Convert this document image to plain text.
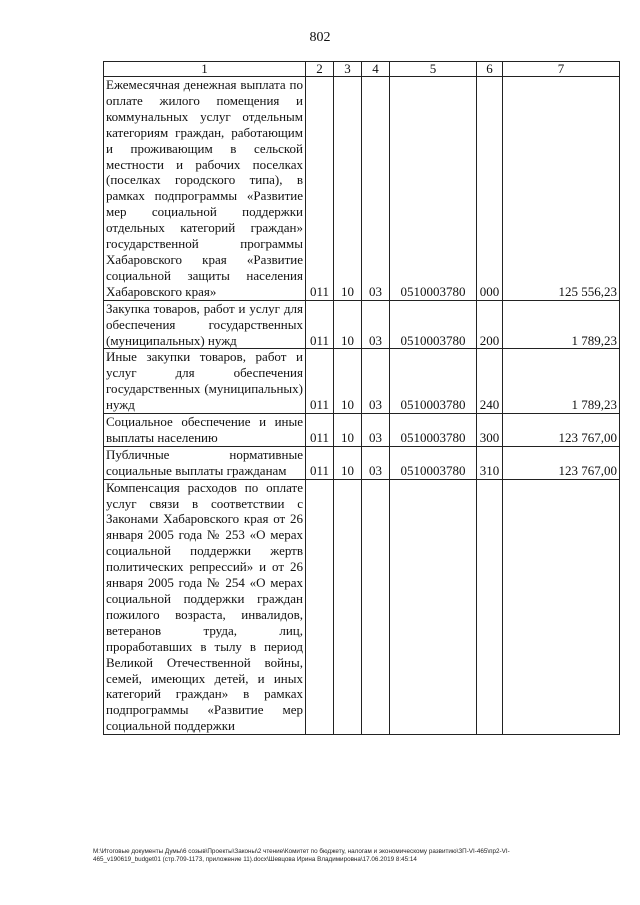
802
1	2	3	4	5	6	7
Ежемесячная денежная выплата по оплате жилого помещения и коммунальных услуг отдельным категориям граждан, работающим и проживающим в сельской местности и рабочих поселках (поселках городского типа), в рамках подпрограммы «Развитие мер социальной поддержки отдельных категорий граждан» государственной программы Хабаровского края «Развитие социальной защиты населения Хабаровского края»	011	10	03	0510003780	000	125 556,23
Закупка товаров, работ и услуг для обеспечения государственных (муниципальных) нужд	011	10	03	0510003780	200	1 789,23
Иные закупки товаров, работ и услуг для обеспечения государственных (муниципальных) нужд	011	10	03	0510003780	240	1 789,23
Социальное обеспечение и иные выплаты населению	011	10	03	0510003780	300	123 767,00
Публичные нормативные социальные выплаты гражданам	011	10	03	0510003780	310	123 767,00
Компенсация расходов по оплате услуг связи в соответствии с Законами Хабаровского края от 26 января 2005 года № 253 «О мерах социальной поддержки жертв политических репрессий» и от 26 января 2005 года № 254 «О мерах социальной поддержки граждан пожилого возраста, инвалидов, ветеранов труда, лиц, проработавших в тылу в период Великой Отечественной войны, семей, имеющих детей, и иных категорий граждан» в рамках подпрограммы «Развитие мер социальной поддержки						
M:\Итоговые документы Думы\6 созыв\Проекты\Законы\2 чтение\Комитет по бюджету, налогам и экономическому развитию\ЗП-VI-465\пр2-VI-
465_v190619_budget01 (стр.709-1173, приложение 11).docx\Шевцова Ирина Владимировна\17.06.2019 8:45:14
